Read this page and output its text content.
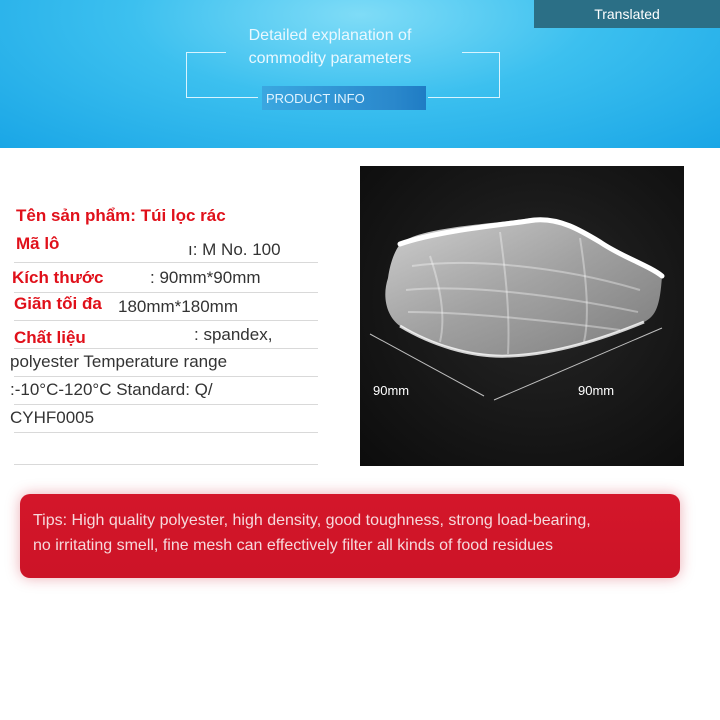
Translated
Detailed explanation of
commodity parameters
PRODUCT INFO
ı: M No. 100
: 90mm*90mm
180mm*180mm
: spandex,
polyester Temperature range
:-10°C-120°C Standard: Q/
CYHF0005
Tên sản phẩm: Túi lọc rác
Mã lô
Kích thước
Giãn tối đa
Chất liệu
90mm	90mm
Tips: High quality polyester, high density, good toughness, strong load-bearing,
no irritating smell, fine mesh can effectively filter all kinds of food residues
